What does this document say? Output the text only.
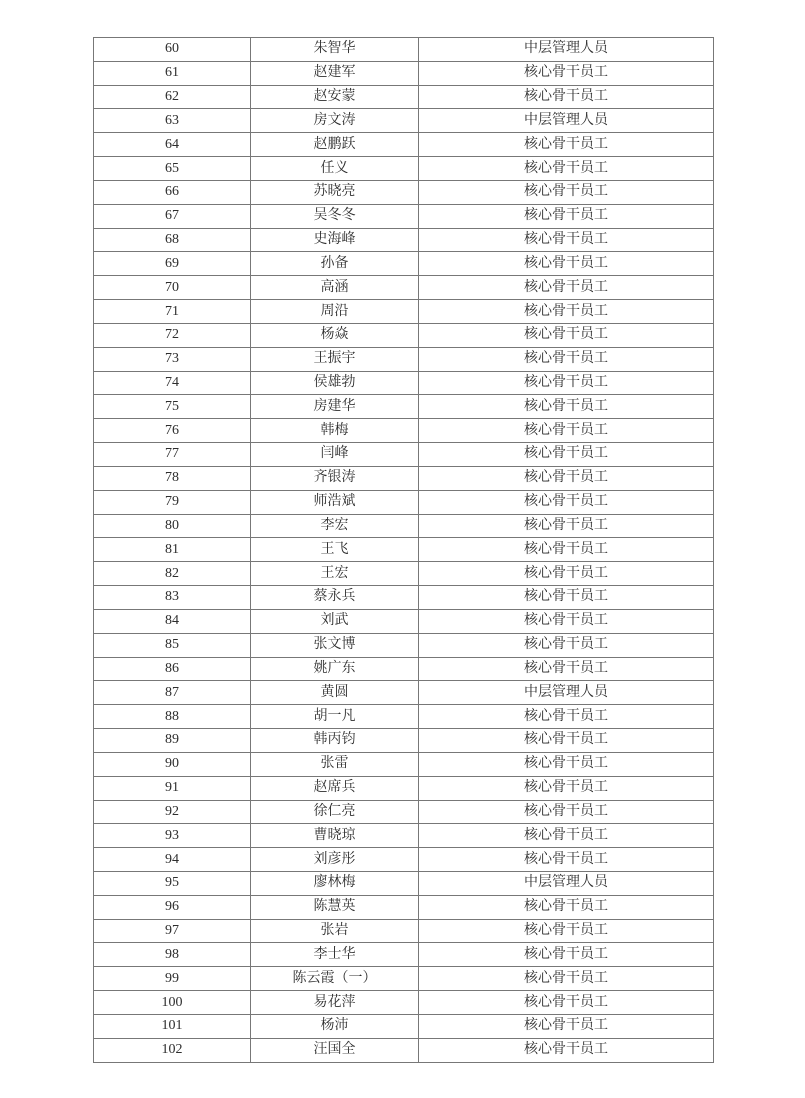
60	朱智华	中层管理人员
61	赵建军	核心骨干员工
62	赵安蒙	核心骨干员工
63	房文涛	中层管理人员
64	赵鹏跃	核心骨干员工
65	任义	核心骨干员工
66	苏晓亮	核心骨干员工
67	吴冬冬	核心骨干员工
68	史海峰	核心骨干员工
69	孙备	核心骨干员工
70	高涵	核心骨干员工
71	周沿	核心骨干员工
72	杨焱	核心骨干员工
73	王振宇	核心骨干员工
74	侯雄勃	核心骨干员工
75	房建华	核心骨干员工
76	韩梅	核心骨干员工
77	闫峰	核心骨干员工
78	齐银涛	核心骨干员工
79	师浩斌	核心骨干员工
80	李宏	核心骨干员工
81	王飞	核心骨干员工
82	王宏	核心骨干员工
83	蔡永兵	核心骨干员工
84	刘武	核心骨干员工
85	张文博	核心骨干员工
86	姚广东	核心骨干员工
87	黄圆	中层管理人员
88	胡一凡	核心骨干员工
89	韩丙钧	核心骨干员工
90	张雷	核心骨干员工
91	赵席兵	核心骨干员工
92	徐仁亮	核心骨干员工
93	曹晓琼	核心骨干员工
94	刘彦彤	核心骨干员工
95	廖林梅	中层管理人员
96	陈慧英	核心骨干员工
97	张岩	核心骨干员工
98	李士华	核心骨干员工
99	陈云霞（一）	核心骨干员工
100	易花萍	核心骨干员工
101	杨沛	核心骨干员工
102	汪国全	核心骨干员工
